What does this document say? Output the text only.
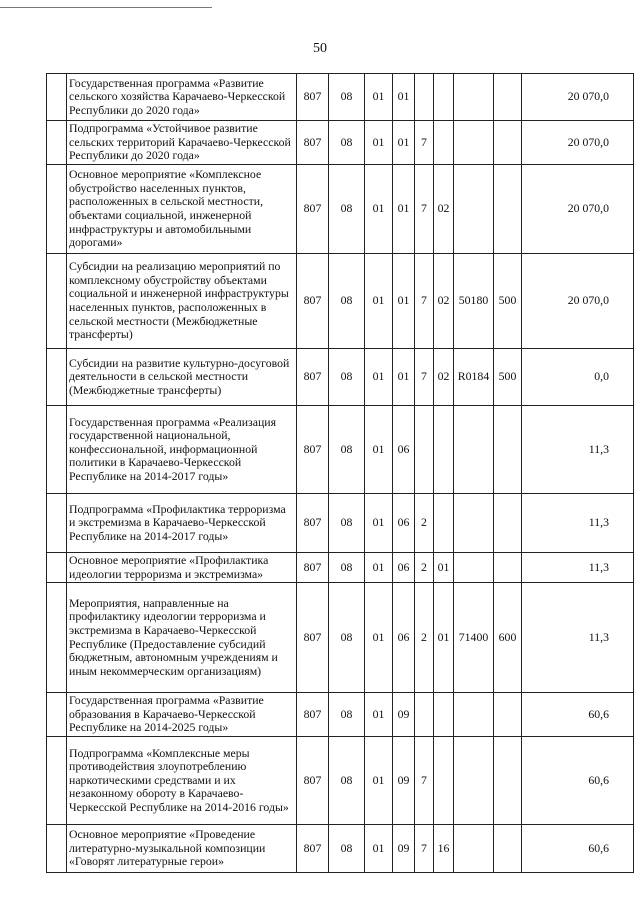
50
	Государственная программа «Развитие сельского хозяйства Карачаево-Черкесской Республики до 2020 года»	807	08	01	01					20 070,0
	Подпрограмма «Устойчивое развитие сельских территорий Карачаево-Черкесской Республики до 2020 года»	807	08	01	01	7				20 070,0
	Основное мероприятие «Комплексное обустройство населенных пунктов, расположенных в сельской местности, объектами социальной, инженерной инфраструктуры и автомобильными дорогами»	807	08	01	01	7	02			20 070,0
	Субсидии на реализацию мероприятий по комплексному обустройству объектами социальной и инженерной инфраструктуры населенных пунктов, расположенных в сельской местности (Межбюджетные трансферты)	807	08	01	01	7	02	50180	500	20 070,0
	Субсидии на развитие культурно-досуговой деятельности в сельской местности (Межбюджетные трансферты)	807	08	01	01	7	02	R0184	500	0,0
	Государственная программа «Реализация государственной национальной, конфессиональной, информационной политики в Карачаево-Черкесской Республике на 2014-2017 годы»	807	08	01	06					11,3
	Подпрограмма «Профилактика терроризма и экстремизма в Карачаево-Черкесской Республике на 2014-2017 годы»	807	08	01	06	2				11,3
	Основное мероприятие «Профилактика идеологии терроризма и экстремизма»	807	08	01	06	2	01			11,3
	Мероприятия, направленные на профилактику идеологии терроризма и экстремизма в Карачаево-Черкесской Республике (Предоставление субсидий бюджетным, автономным учреждениям и иным некоммерческим организациям)	807	08	01	06	2	01	71400	600	11,3
	Государственная программа «Развитие образования в Карачаево-Черкесской Республике на 2014-2025 годы»	807	08	01	09					60,6
	Подпрограмма «Комплексные меры противодействия злоупотреблению наркотическими средствами и их незаконному обороту в Карачаево-Черкесской Республике на 2014-2016 годы»	807	08	01	09	7				60,6
	Основное мероприятие «Проведение литературно-музыкальной композиции «Говорят литературные герои»	807	08	01	09	7	16			60,6
